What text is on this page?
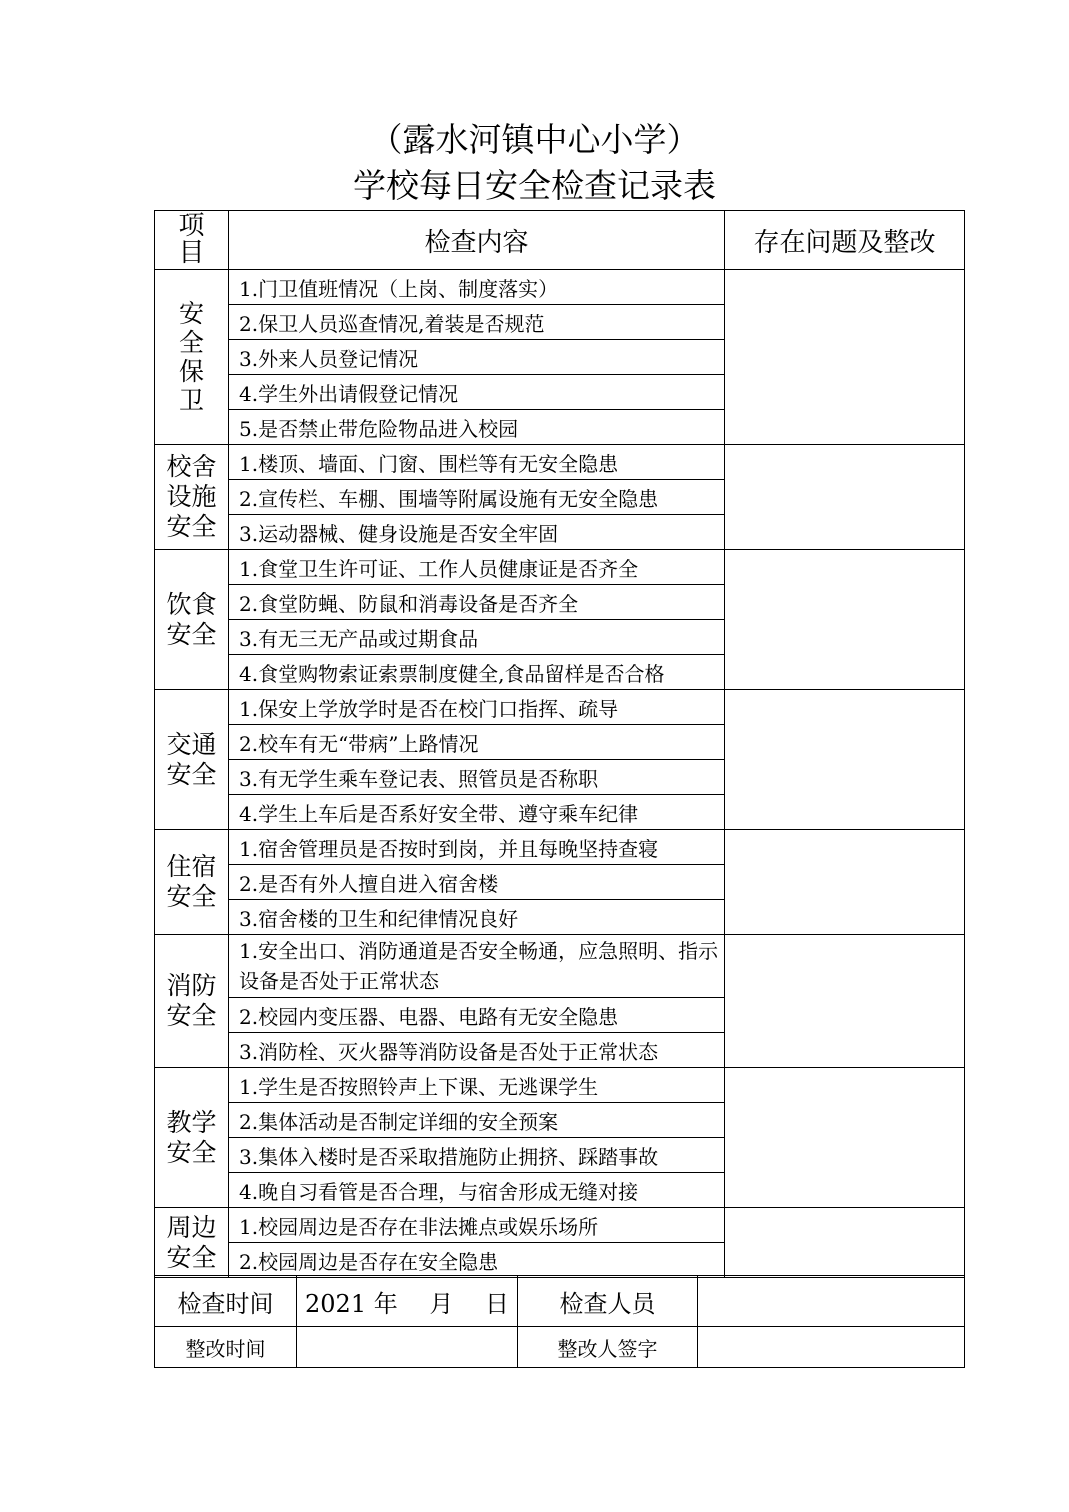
（露水河镇中心小学）
学校每日安全检查记录表
项
目	检查内容	存在问题及整改

安
全
保
卫	1.门卫值班情况（上岗、制度落实）	
	2.保卫人员巡查情况,着装是否规范	
	3.外来人员登记情况	
	4.学生外出请假登记情况	
	5.是否禁止带危险物品进入校园	

校舍
设施
安全	1.楼顶、墙面、门窗、围栏等有无安全隐患	
	2.宣传栏、车棚、围墙等附属设施有无安全隐患	
	3.运动器械、健身设施是否安全牢固	

饮食
安全	1.食堂卫生许可证、工作人员健康证是否齐全	
	2.食堂防蝇、防鼠和消毒设备是否齐全	
	3.有无三无产品或过期食品	
	4.食堂购物索证索票制度健全,食品留样是否合格	

交通
安全	1.保安上学放学时是否在校门口指挥、疏导	
	2.校车有无“带病”上路情况	
	3.有无学生乘车登记表、照管员是否称职	
	4.学生上车后是否系好安全带、遵守乘车纪律	

住宿
安全	1.宿舍管理员是否按时到岗，并且每晚坚持查寝	
	2.是否有外人擅自进入宿舍楼	
	3.宿舍楼的卫生和纪律情况良好	

消防
安全	1.安全出口、消防通道是否安全畅通，应急照明、指示设备是否处于正常状态	
	2.校园内变压器、电器、电路有无安全隐患	
	3.消防栓、灭火器等消防设备是否处于正常状态	

教学
安全	1.学生是否按照铃声上下课、无逃课学生	
	2.集体活动是否制定详细的安全预案	
	3.集体入楼时是否采取措施防止拥挤、踩踏事故	
	4.晚自习看管是否合理，与宿舍形成无缝对接	

周边
安全	1.校园周边是否存在非法摊点或娱乐场所	
	2.校园周边是否存在安全隐患	
检查时间	2021 年　 月　 日	检查人员	
整改时间		整改人签字	
